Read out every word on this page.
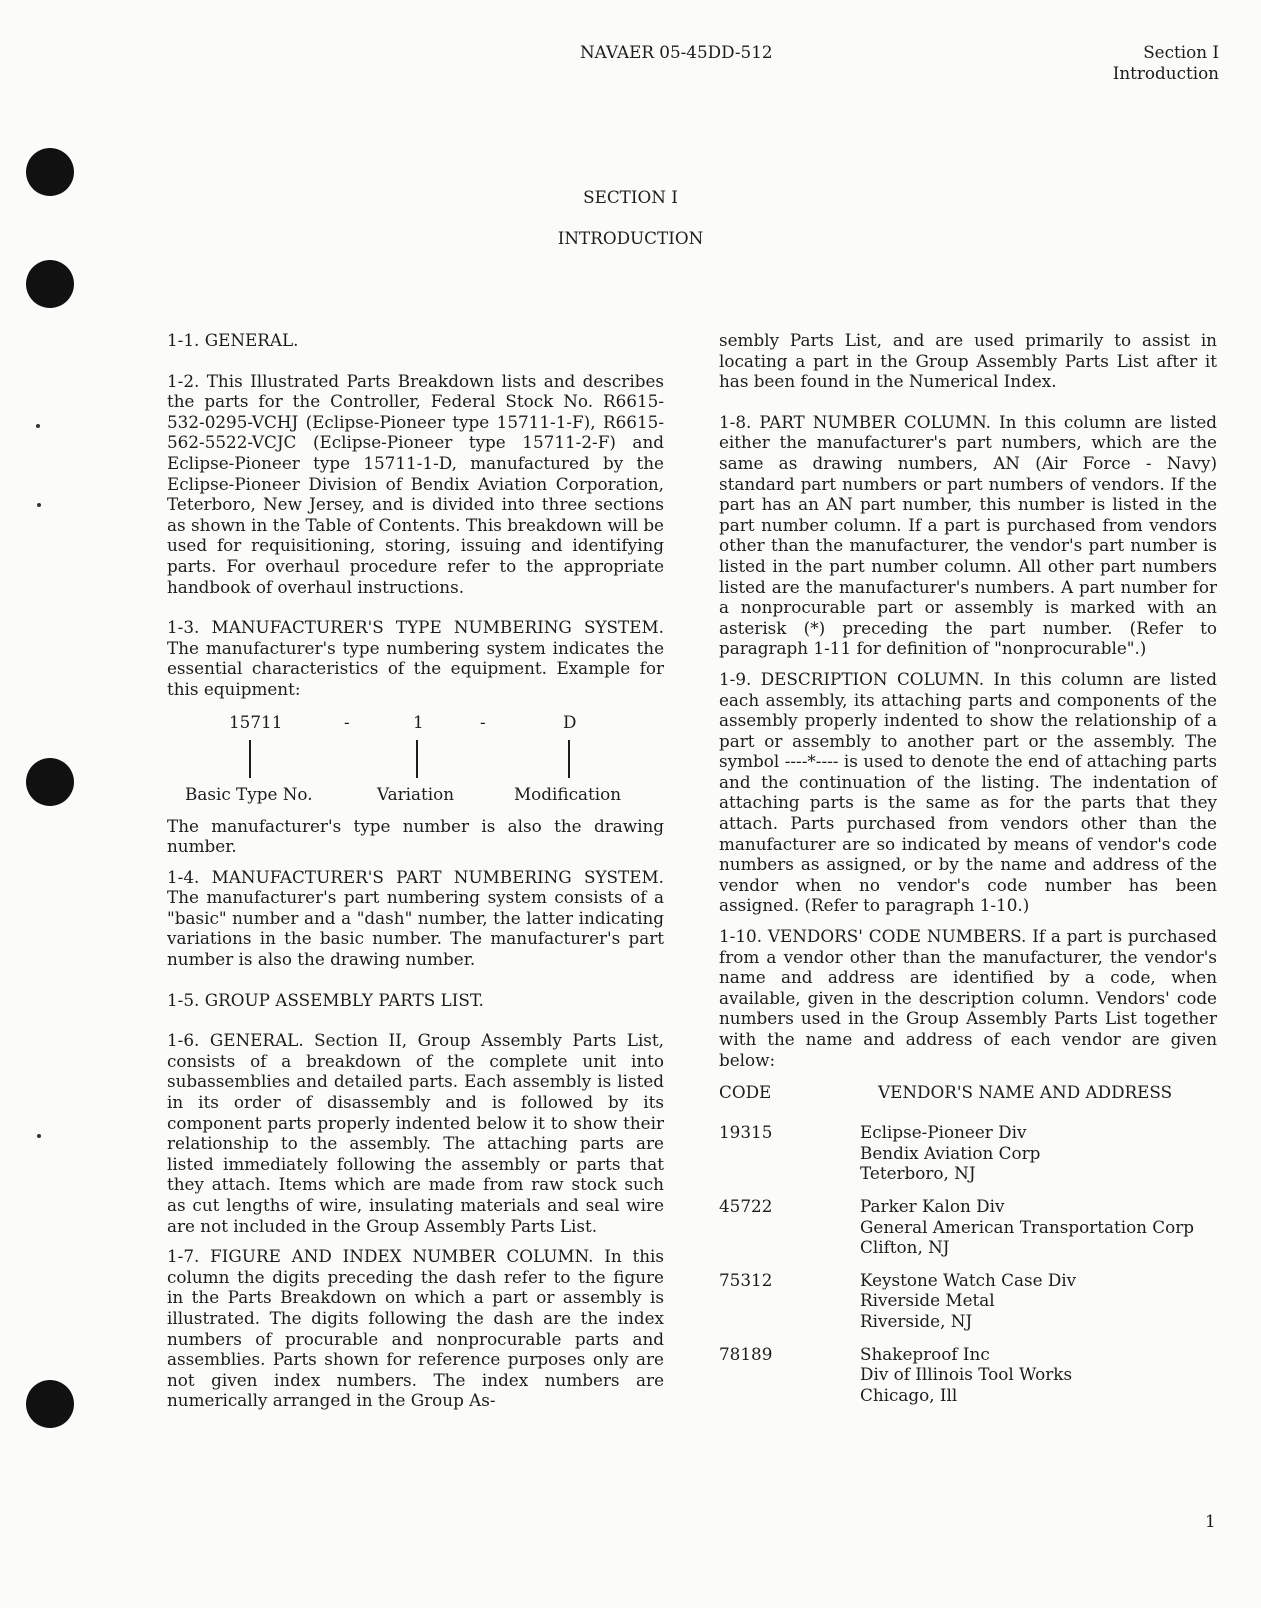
NAVAER 05-45DD-512	Section I
Introduction
SECTION I
INTRODUCTION

1-1. GENERAL.

1-2. This Illustrated Parts Breakdown lists and describes the parts for the Controller, Federal Stock No. R6615-532-0295-VCHJ (Eclipse-Pioneer type 15711-1-F), R6615-562-5522-VCJC (Eclipse-Pioneer type 15711-2-F) and Eclipse-Pioneer type 15711-1-D, manufactured by the Eclipse-Pioneer Division of Bendix Aviation Corporation, Teterboro, New Jersey, and is divided into three sections as shown in the Table of Contents. This breakdown will be used for requisitioning, storing, issuing and identifying parts. For overhaul procedure refer to the appropriate handbook of overhaul instructions.

1-3. MANUFACTURER'S TYPE NUMBERING SYSTEM. The manufacturer's type numbering system indicates the essential characteristics of the equipment. Example for this equipment:

15711	-	1	-	D
Basic Type No.	Variation	Modification

The manufacturer's type number is also the drawing number.

1-4. MANUFACTURER'S PART NUMBERING SYSTEM. The manufacturer's part numbering system consists of a "basic" number and a "dash" number, the latter indicating variations in the basic number. The manufacturer's part number is also the drawing number.

1-5. GROUP ASSEMBLY PARTS LIST.

1-6. GENERAL. Section II, Group Assembly Parts List, consists of a breakdown of the complete unit into subassemblies and detailed parts. Each assembly is listed in its order of disassembly and is followed by its component parts properly indented below it to show their relationship to the assembly. The attaching parts are listed immediately following the assembly or parts that they attach. Items which are made from raw stock such as cut lengths of wire, insulating materials and seal wire are not included in the Group Assembly Parts List.

1-7. FIGURE AND INDEX NUMBER COLUMN. In this column the digits preceding the dash refer to the figure in the Parts Breakdown on which a part or assembly is illustrated. The digits following the dash are the index numbers of procurable and nonprocurable parts and assemblies. Parts shown for reference purposes only are not given index numbers. The index numbers are numerically arranged in the Group As-

sembly Parts List, and are used primarily to assist in locating a part in the Group Assembly Parts List after it has been found in the Numerical Index.

1-8. PART NUMBER COLUMN. In this column are listed either the manufacturer's part numbers, which are the same as drawing numbers, AN (Air Force - Navy) standard part numbers or part numbers of vendors. If the part has an AN part number, this number is listed in the part number column. If a part is purchased from vendors other than the manufacturer, the vendor's part number is listed in the part number column. All other part numbers listed are the manufacturer's numbers. A part number for a nonprocurable part or assembly is marked with an asterisk (*) preceding the part number. (Refer to paragraph 1-11 for definition of "nonprocurable".)

1-9. DESCRIPTION COLUMN. In this column are listed each assembly, its attaching parts and components of the assembly properly indented to show the relationship of a part or assembly to another part or the assembly. The symbol ----*---- is used to denote the end of attaching parts and the continuation of the listing. The indentation of attaching parts is the same as for the parts that they attach. Parts purchased from vendors other than the manufacturer are so indicated by means of vendor's code numbers as assigned, or by the name and address of the vendor when no vendor's code number has been assigned. (Refer to paragraph 1-10.)

1-10. VENDORS' CODE NUMBERS. If a part is purchased from a vendor other than the manufacturer, the vendor's name and address are identified by a code, when available, given in the description column. Vendors' code numbers used in the Group Assembly Parts List together with the name and address of each vendor are given below:

CODE	VENDOR'S NAME AND ADDRESS
19315	Eclipse-Pioneer Div
Bendix Aviation Corp
Teterboro, NJ
45722	Parker Kalon Div
General American Transportation Corp
Clifton, NJ
75312	Keystone Watch Case Div
Riverside Metal
Riverside, NJ
78189	Shakeproof Inc
Div of Illinois Tool Works
Chicago, Ill
1
